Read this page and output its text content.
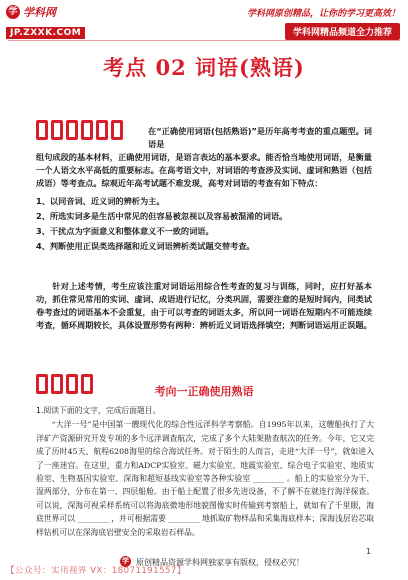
学 学科网
JP.ZXXK.COM
学科网原创精品，让你的学习更高效！
学科网精品频道全力推荐
考点 02 词语(熟语)
在“正确使用词语(包括熟语)”是历年高考考查的重点题型。词语是
组句成段的基本材料，正确使用词语，是语言表达的基本要求。能否恰当地使用词语，是衡量一个人语文水平高低的重要标志。在高考语文中，对词语的考查涉及实词、虚词和熟语（包括成语）等考查点。综观近年高考试题不难发现，高考对词语的考查有如下特点：

1、以同音词、近义词的辨析为主。

2、所选实词多是生活中常见的但容易被忽视以及容易被混淆的词语。

3、干扰点为字面意义和整体意义不一致的词语。

4、判断使用正误类选择题和近义词语辨析类试题交替考查。

针对上述考情，考生应该注重对词语运用综合性考查的复习与训练，同时，应打好基本功，抓住常见常用的实词、虚词、成语进行记忆，分类巩固，需要注意的是短时间内，同类试卷考查过的词语基本不会重复，由于可以考查的词语太多，所以同一词语在短期内不可能连续考查，循环周期较长，具体设置形势有两种：辨析近义词语选择填空；判断词语运用正误题。

考向一正确使用熟语
1.阅读下面的文字，完成后面题目。
“大洋一号”是中国第一艘现代化的综合性远洋科学考察船。自1995年以来，这艘船执行了大洋矿产资源研究开发专项的多个远洋调查航次，完成了多个大陆架勘查航次的任务。今年，它又完成了历时45天、航程6208海里的综合海试任务。对于陌生的人而言，走进“大洋一号”，就如进入了一座迷宫。在这里，重力和ADCP实验室、磁力实验室、地震实验室、综合电子实验室、地质实验室、生物基因实验室、深海和超短基线实验室等各种实验室 ________ 。船上的实验室分为干、湿两部分，分布在第一、四层船舱。由于船上配置了很多先进设备，不了解不在就连行海洋探查。可以说，深海可视采样系统可以将海底微地形地貌图像实时传输到考察船上，就如有了千里眼，海底世界可以 ________ ，并可根据需要 ________ 地抓取矿物样品和采集海底样本；深海浅层岩芯取样钻机可以在深海底岩壁安全的采取岩石样品。
1
学 原创精品资源学科网独家享有版权，侵权必究！
【公众号：实用视界 VX：18071191557】
